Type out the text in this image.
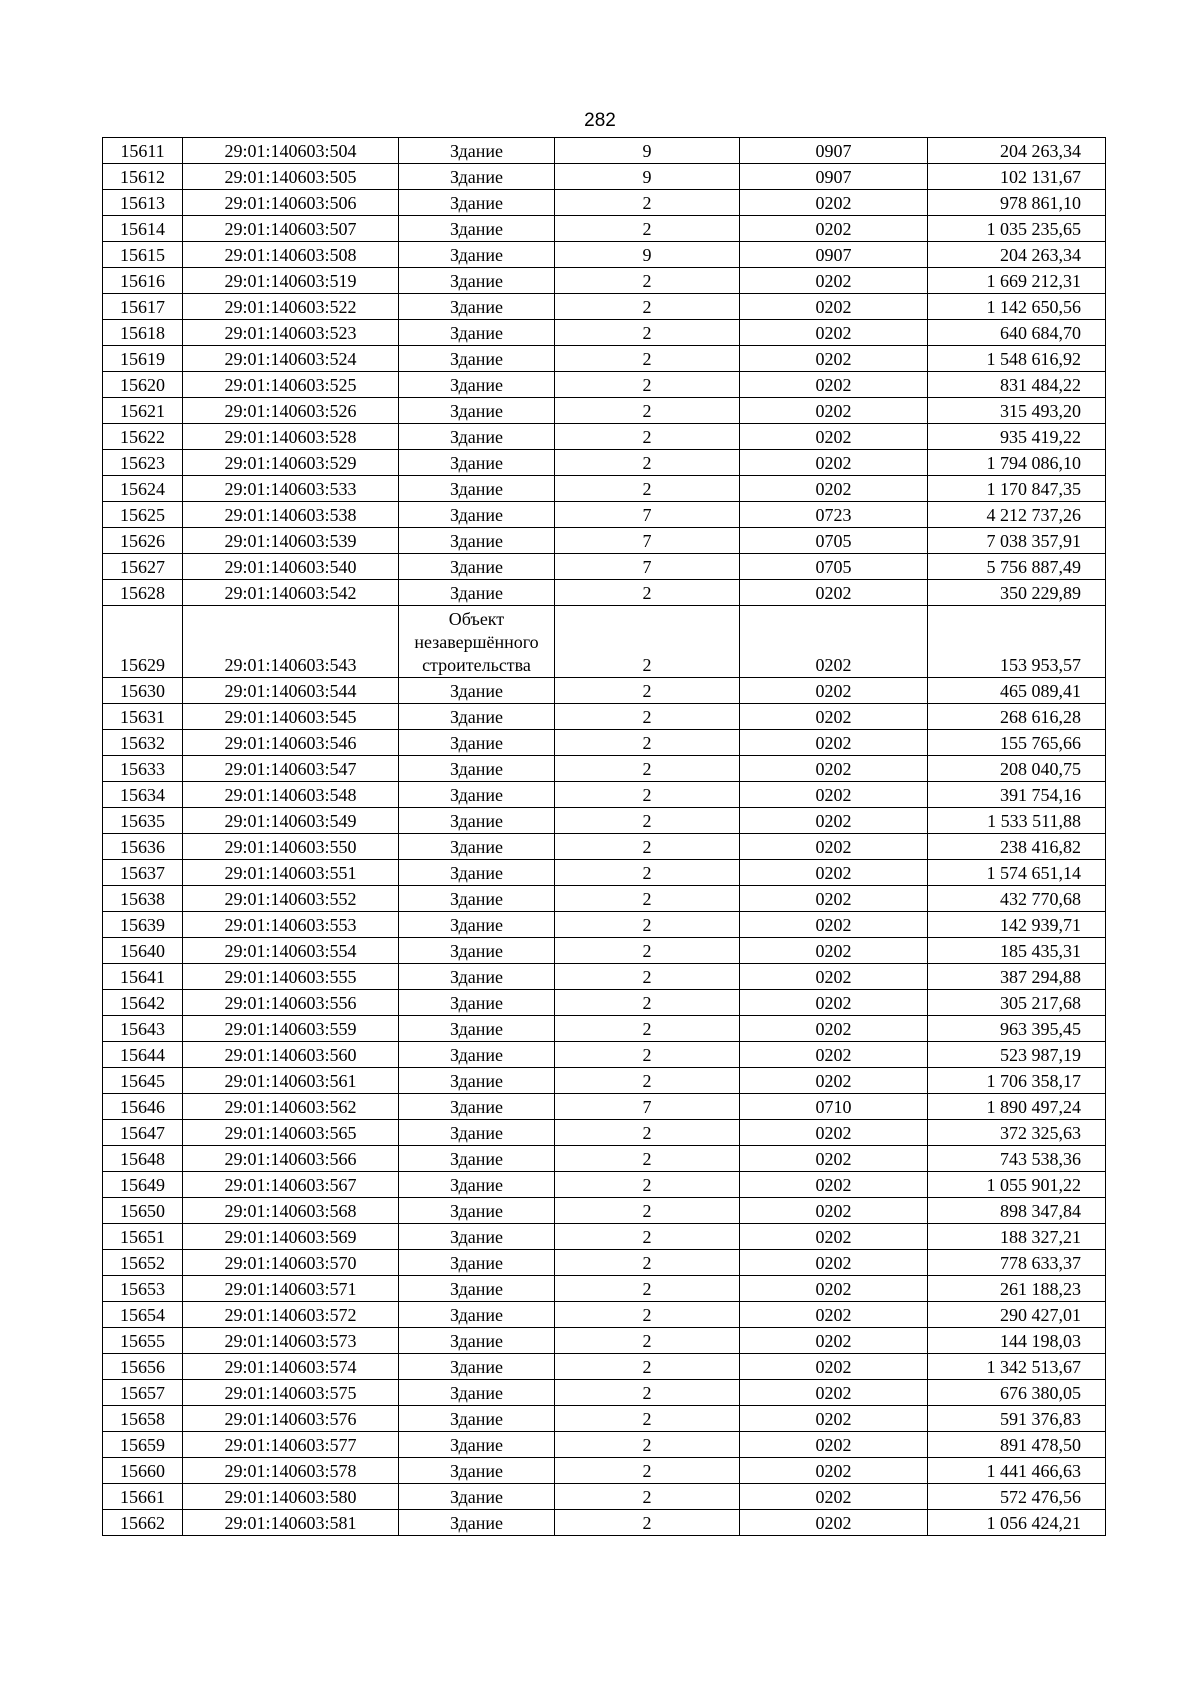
282
15611	29:01:140603:504	Здание	9	0907	204 263,34
15612	29:01:140603:505	Здание	9	0907	102 131,67
15613	29:01:140603:506	Здание	2	0202	978 861,10
15614	29:01:140603:507	Здание	2	0202	1 035 235,65
15615	29:01:140603:508	Здание	9	0907	204 263,34
15616	29:01:140603:519	Здание	2	0202	1 669 212,31
15617	29:01:140603:522	Здание	2	0202	1 142 650,56
15618	29:01:140603:523	Здание	2	0202	640 684,70
15619	29:01:140603:524	Здание	2	0202	1 548 616,92
15620	29:01:140603:525	Здание	2	0202	831 484,22
15621	29:01:140603:526	Здание	2	0202	315 493,20
15622	29:01:140603:528	Здание	2	0202	935 419,22
15623	29:01:140603:529	Здание	2	0202	1 794 086,10
15624	29:01:140603:533	Здание	2	0202	1 170 847,35
15625	29:01:140603:538	Здание	7	0723	4 212 737,26
15626	29:01:140603:539	Здание	7	0705	7 038 357,91
15627	29:01:140603:540	Здание	7	0705	5 756 887,49
15628	29:01:140603:542	Здание	2	0202	350 229,89
15629	29:01:140603:543	Объект незавершённого строительства	2	0202	153 953,57
15630	29:01:140603:544	Здание	2	0202	465 089,41
15631	29:01:140603:545	Здание	2	0202	268 616,28
15632	29:01:140603:546	Здание	2	0202	155 765,66
15633	29:01:140603:547	Здание	2	0202	208 040,75
15634	29:01:140603:548	Здание	2	0202	391 754,16
15635	29:01:140603:549	Здание	2	0202	1 533 511,88
15636	29:01:140603:550	Здание	2	0202	238 416,82
15637	29:01:140603:551	Здание	2	0202	1 574 651,14
15638	29:01:140603:552	Здание	2	0202	432 770,68
15639	29:01:140603:553	Здание	2	0202	142 939,71
15640	29:01:140603:554	Здание	2	0202	185 435,31
15641	29:01:140603:555	Здание	2	0202	387 294,88
15642	29:01:140603:556	Здание	2	0202	305 217,68
15643	29:01:140603:559	Здание	2	0202	963 395,45
15644	29:01:140603:560	Здание	2	0202	523 987,19
15645	29:01:140603:561	Здание	2	0202	1 706 358,17
15646	29:01:140603:562	Здание	7	0710	1 890 497,24
15647	29:01:140603:565	Здание	2	0202	372 325,63
15648	29:01:140603:566	Здание	2	0202	743 538,36
15649	29:01:140603:567	Здание	2	0202	1 055 901,22
15650	29:01:140603:568	Здание	2	0202	898 347,84
15651	29:01:140603:569	Здание	2	0202	188 327,21
15652	29:01:140603:570	Здание	2	0202	778 633,37
15653	29:01:140603:571	Здание	2	0202	261 188,23
15654	29:01:140603:572	Здание	2	0202	290 427,01
15655	29:01:140603:573	Здание	2	0202	144 198,03
15656	29:01:140603:574	Здание	2	0202	1 342 513,67
15657	29:01:140603:575	Здание	2	0202	676 380,05
15658	29:01:140603:576	Здание	2	0202	591 376,83
15659	29:01:140603:577	Здание	2	0202	891 478,50
15660	29:01:140603:578	Здание	2	0202	1 441 466,63
15661	29:01:140603:580	Здание	2	0202	572 476,56
15662	29:01:140603:581	Здание	2	0202	1 056 424,21
